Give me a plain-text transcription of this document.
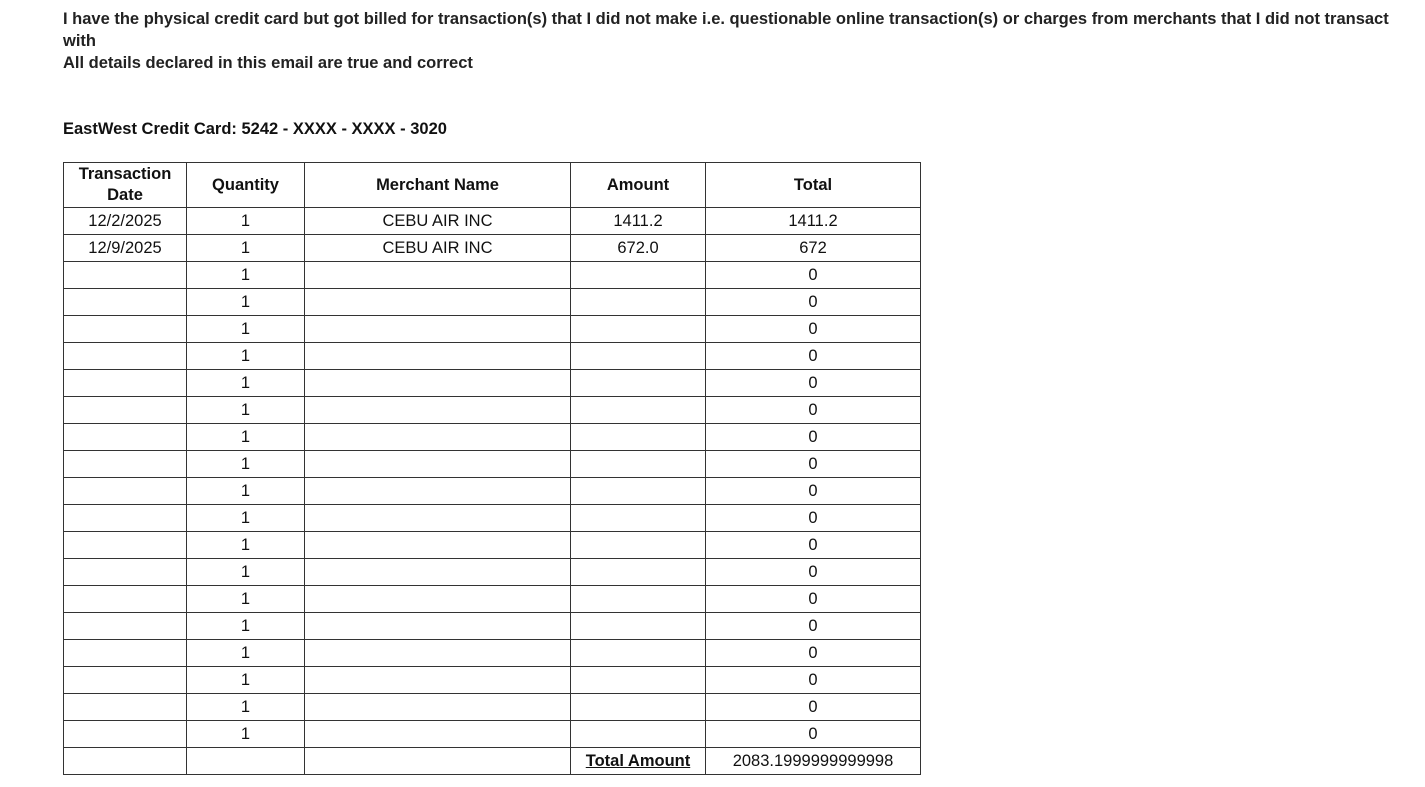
I have the physical credit card but got billed for transaction(s) that I did not make i.e. questionable online transaction(s) or charges from merchants that I did not transact with
All details declared in this email are true and correct
EastWest Credit Card: 5242 - XXXX - XXXX - 3020
Transaction Date	Quantity	Merchant Name	Amount	Total
12/2/2025	1	CEBU AIR INC	1411.2	1411.2
12/9/2025	1	CEBU AIR INC	672.0	672
	1			0
	1			0
	1			0
	1			0
	1			0
	1			0
	1			0
	1			0
	1			0
	1			0
	1			0
	1			0
	1			0
	1			0
	1			0
	1			0
	1			0
	1			0
			Total Amount	2083.1999999999998
